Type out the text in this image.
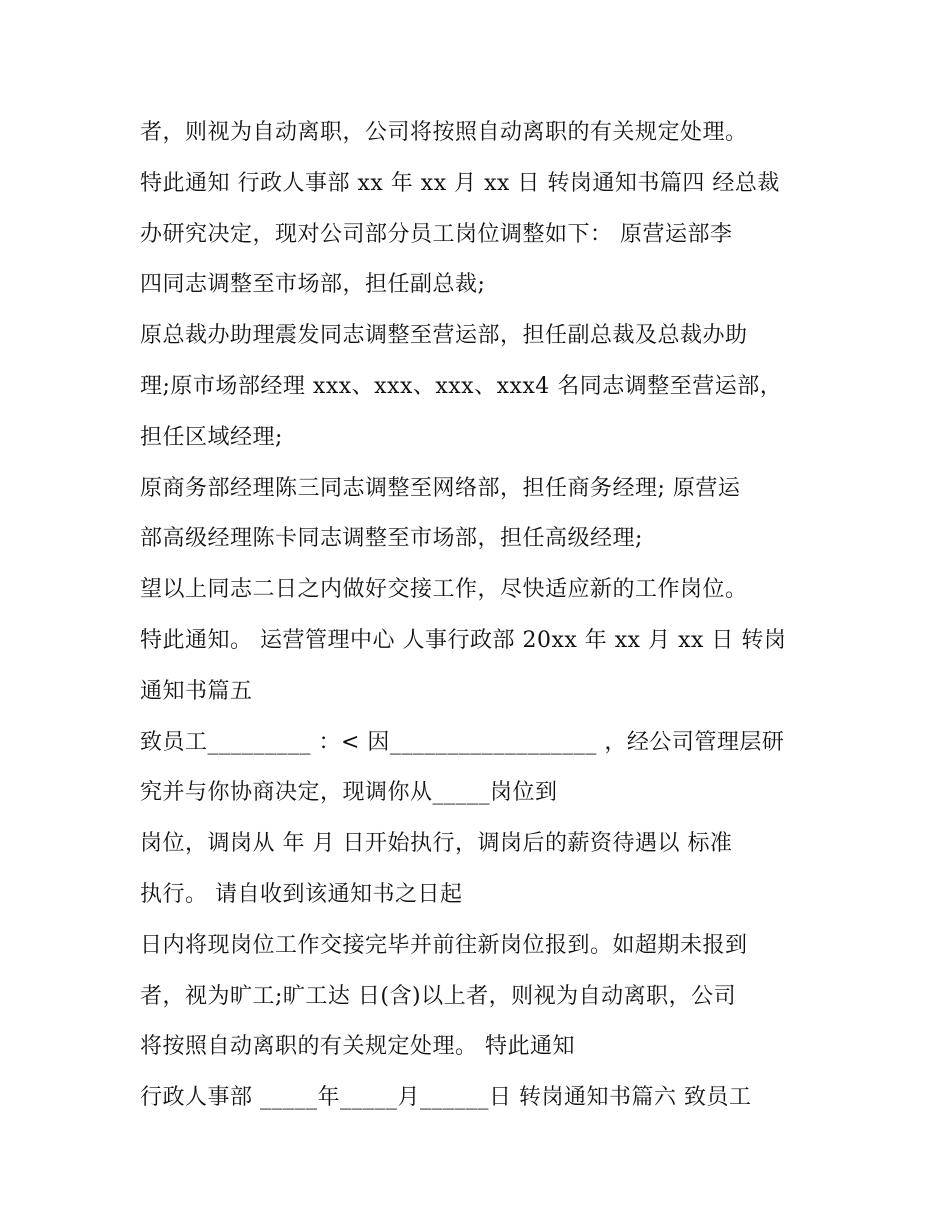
者，则视为自动离职，公司将按照自动离职的有关规定处理。
特此通知 行政人事部 xx 年 xx 月 xx 日 转岗通知书篇四 经总裁
办研究决定，现对公司部分员工岗位调整如下： 原营运部李
四同志调整至市场部，担任副总裁;
原总裁办助理震发同志调整至营运部，担任副总裁及总裁办助
理;原市场部经理 xxx、xxx、xxx、xxx4 名同志调整至营运部，
担任区域经理;
原商务部经理陈三同志调整至网络部，担任商务经理; 原营运
部高级经理陈卡同志调整至市场部，担任高级经理;
望以上同志二日之内做好交接工作，尽快适应新的工作岗位。
特此通知。 运营管理中心 人事行政部 20xx 年 xx 月 xx 日 转岗
通知书篇五
致员工_________ ：< 因__________________ ，经公司管理层研
究并与你协商决定，现调你从_____岗位到
岗位，调岗从 年 月 日开始执行，调岗后的薪资待遇以 标准
执行。 请自收到该通知书之日起
日内将现岗位工作交接完毕并前往新岗位报到。如超期未报到
者，视为旷工;旷工达 日(含)以上者，则视为自动离职，公司
将按照自动离职的有关规定处理。 特此通知
行政人事部 _____年_____月______日 转岗通知书篇六 致员工
